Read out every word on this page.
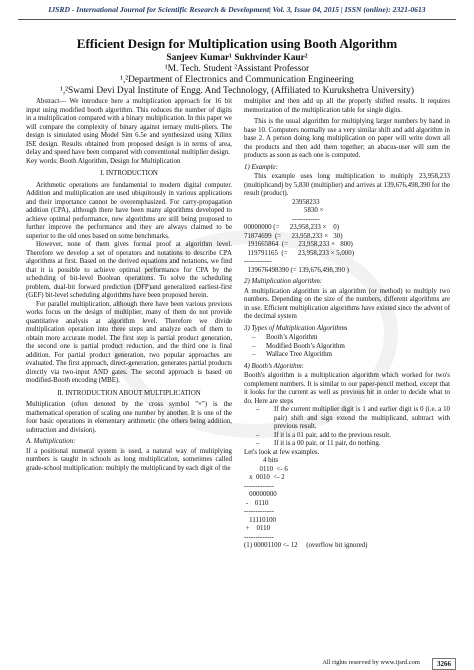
IJSRD - International Journal for Scientific Research & Development| Vol. 3, Issue 04, 2015 | ISSN (online): 2321-0613
Efficient Design for Multiplication using Booth Algorithm
Sanjeev Kumar¹ Sukhvinder Kaur²
¹M. Tech. Student ²Assistant Professor
¹,²Department of Electronics and Communication Engineering
¹,²Swami Devi Dyal Institute of Engg. And Technology, (Affiliated to Kurukshetra University)

Abstract— We introduce here a multiplication approach for 16 bit input using modified booth algorithm. This reduces the number of digits in a multiplication compared with a binary multiplication. In this paper we will compare the complexity of binary against ternary multi-pliers. The design is simulated using Model Sim 6.5e and synthesized using Xilinx ISE design. Results obtained from proposed design is in terms of area, delay and speed have been compared with conventional multiplier design.

Key words: Booth Algorithm, Design for Multiplication

I. INTRODUCTION

Arithmetic operations are fundamental to modern digital computer. Addition and multiplication are used ubiquitously in various applications and their importance cannot be overemphasized. For carry-propagation addition (CPA), although there have been many algorithms developed to achieve optimal performance, new algorithms are still being proposed to further improve the performance and they are always claimed to be superior to the old ones based on some benchmarks.

However, none of them gives formal proof at algorithm level. Therefore we develop a set of operators and notations to describe CPA algorithms at first. Based on the derived equations and notations, we find that it is possible to achieve optimal performance for CPA by the scheduling of bit-level Boolean operations. To solve the scheduling problem, dual-bit forward prediction (DFP)and generalized earliest-first (GEF) bit-level scheduling algorithms have been proposed herein.

For parallel multiplication, although there have been various previous works focus on the design of multiplier, many of them do not provide quantitative analysis at algorithm level. Therefore we divide multiplication operation into three steps and analyze each of them to obtain more accurate model. The first step is partial product generation, the second one is partial product reduction, and the third one is final addition. For partial product generation, two popular approaches are evaluated. The first approach, direct-generation, generates partial products directly via two-input AND gates. The second approach is based on modified-Booth encoding (MBE).

II. INTRODUCTION ABOUT MULTIPLICATION

Multiplication (often denoted by the cross symbol "×") is the mathematical operation of scaling one number by another. It is one of the four basic operations in elementary arithmetic (the others being addition, subtraction and division).

A. Multiplication:

If a positional numeral system is used, a natural way of multiplying numbers is taught in schools as long multiplication, sometimes called grade-school multiplication: multiply the multiplicand by each digit of the

multiplier and then add up all the properly shifted results. It requires memorization of the multiplication table for single digits.

This is the usual algorithm for multiplying larger numbers by hand in base 10. Computers normally use a very similar shift and add algorithm in base 2. A person doing long multiplication on paper will write down all the products and then add them together; an abacus-user will sum the products as soon as each one is computed.

1) Example:

This example uses long multiplication to multiply 23,958,233 (multiplicand) by 5,830 (multiplier) and arrives at 139,676,498,390 for the result (product).

23958233
5830 ×
------------
00000000 (=      23,958,233 ×    0)
71874699  (=      23,958,233 ×   30)
191665864  (=      23,958,233 ×   800)
119791165  (=      23,958,233 × 5,000)
------------
139676498390 (= 139,676,498,390 )
2) Multiplication algorithm:

A multiplication algorithm is an algorithm (or method) to multiply two numbers. Depending on the size of the numbers, different algorithms are in use. Efficient multiplication algorithms have existed since the advent of the decimal system

3) Types of Multiplication Algorithms
– Booth’s Algorithm
– Modified Booth’s Algorithm
– Wallace Tree Algorithm
4) Booth’s Algorithm:

Booth's algorithm is a multiplication algorithm which worked for two's complement numbers. It is similar to our paper-pencil method, except that it looks for the current as well as previous bit in order to decide what to do. Here are steps

– If the current multiplier digit is 1 and earlier digit is 0 (i.e. a 10 pair) shift and sign extend the multiplicand, subtract with previous result.
– If it is a 01 pair, add to the previous result.
– If it is a 00 pair, or 11 pair, do nothing.

Let's look at few examples.

4 bits
0110  <- 6
x  0010  <- 2
-------------
00000000
-    0110
-------------
11110100
+    0110
-------------
(1) 00001100 <- 12     (overflow bit ignored)
All rights reserved by www.ijsrd.com	3266
